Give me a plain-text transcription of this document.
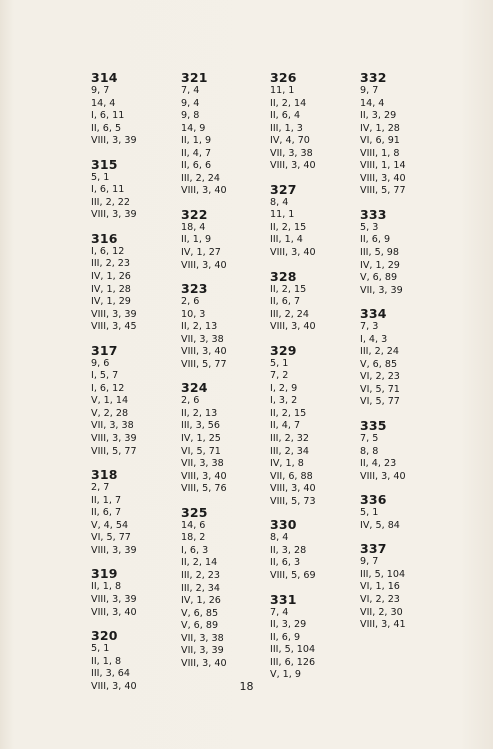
314
9, 7
14, 4
I, 6, 11
II, 6, 5
VIII, 3, 39
315
5, 1
I, 6, 11
III, 2, 22
VIII, 3, 39
316
I, 6, 12
III, 2, 23
IV, 1, 26
IV, 1, 28
IV, 1, 29
VIII, 3, 39
VIII, 3, 45
317
9, 6
I, 5, 7
I, 6, 12
V, 1, 14
V, 2, 28
VII, 3, 38
VIII, 3, 39
VIII, 5, 77
318
2, 7
II, 1, 7
II, 6, 7
V, 4, 54
VI, 5, 77
VIII, 3, 39
319
II, 1, 8
VIII, 3, 39
VIII, 3, 40
320
5, 1
II, 1, 8
III, 3, 64
VIII, 3, 40
321
7, 4
9, 4
9, 8
14, 9
II, 1, 9
II, 4, 7
II, 6, 6
III, 2, 24
VIII, 3, 40
322
18, 4
II, 1, 9
IV, 1, 27
VIII, 3, 40
323
2, 6
10, 3
II, 2, 13
VII, 3, 38
VIII, 3, 40
VIII, 5, 77
324
2, 6
II, 2, 13
III, 3, 56
IV, 1, 25
VI, 5, 71
VII, 3, 38
VIII, 3, 40
VIII, 5, 76
325
14, 6
18, 2
I, 6, 3
II, 2, 14
III, 2, 23
III, 2, 34
IV, 1, 26
V, 6, 85
V, 6, 89
VII, 3, 38
VII, 3, 39
VIII, 3, 40
326
11, 1
II, 2, 14
II, 6, 4
III, 1, 3
IV, 4, 70
VII, 3, 38
VIII, 3, 40
327
8, 4
11, 1
II, 2, 15
III, 1, 4
VIII, 3, 40
328
II, 2, 15
II, 6, 7
III, 2, 24
VIII, 3, 40
329
5, 1
7, 2
I, 2, 9
I, 3, 2
II, 2, 15
II, 4, 7
III, 2, 32
III, 2, 34
IV, 1, 8
VII, 6, 88
VIII, 3, 40
VIII, 5, 73
330
8, 4
II, 3, 28
II, 6, 3
VIII, 5, 69
331
7, 4
II, 3, 29
II, 6, 9
III, 5, 104
III, 6, 126
V, 1, 9
332
9, 7
14, 4
II, 3, 29
IV, 1, 28
VI, 6, 91
VIII, 1, 8
VIII, 1, 14
VIII, 3, 40
VIII, 5, 77
333
5, 3
II, 6, 9
III, 5, 98
IV, 1, 29
V, 6, 89
VII, 3, 39
334
7, 3
I, 4, 3
III, 2, 24
V, 6, 85
VI, 2, 23
VI, 5, 71
VI, 5, 77
335
7, 5
8, 8
II, 4, 23
VIII, 3, 40
336
5, 1
IV, 5, 84
337
9, 7
III, 5, 104
VI, 1, 16
VI, 2, 23
VII, 2, 30
VIII, 3, 41
18
